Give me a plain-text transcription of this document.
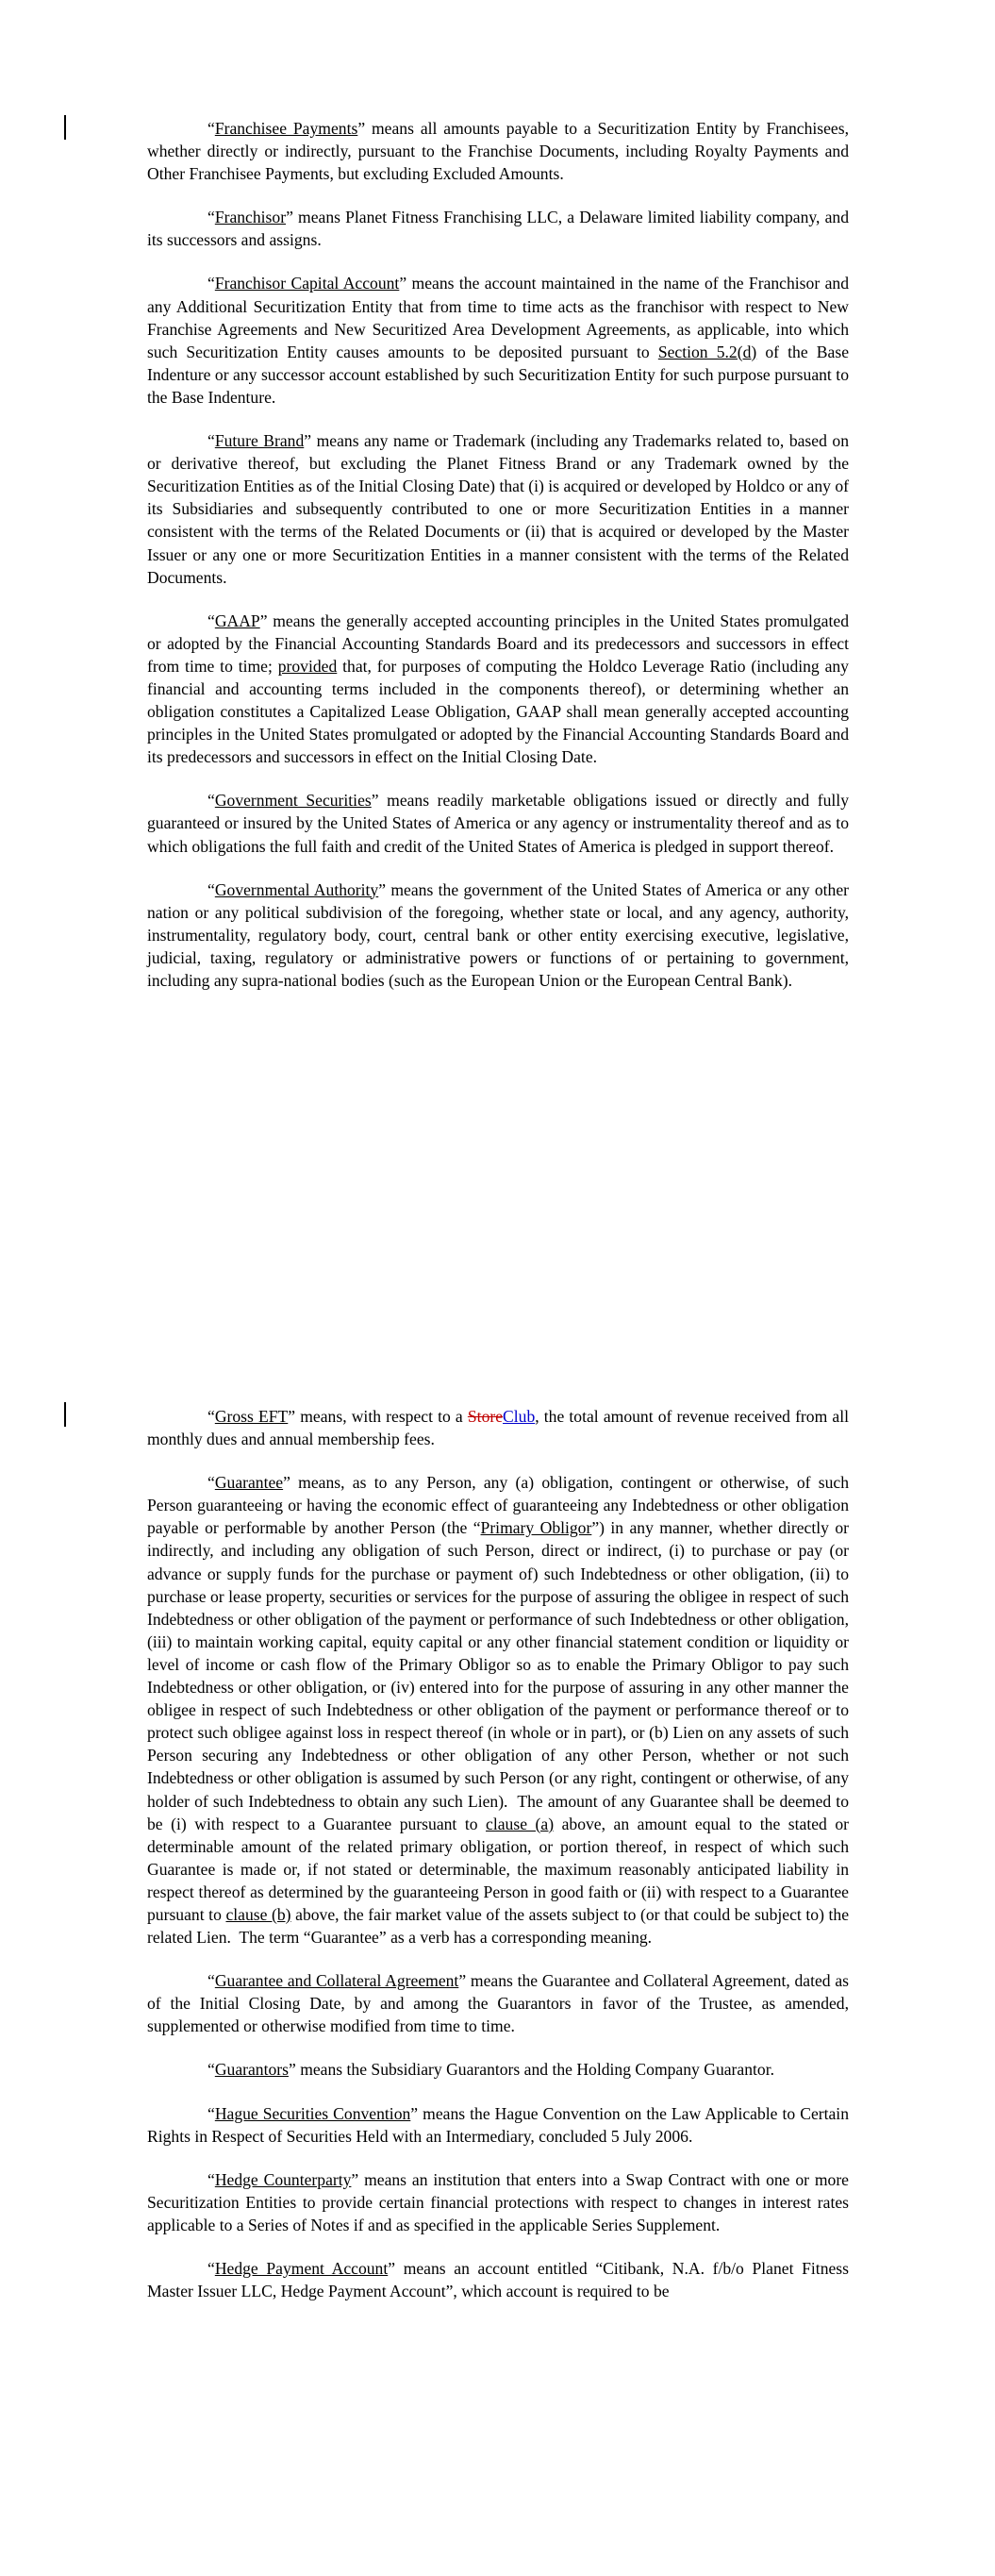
“Franchisee Payments” means all amounts payable to a Securitization Entity by Franchisees, whether directly or indirectly, pursuant to the Franchise Documents, including Royalty Payments and Other Franchisee Payments, but excluding Excluded Amounts.

“Franchisor” means Planet Fitness Franchising LLC, a Delaware limited liability company, and its successors and assigns.

“Franchisor Capital Account” means the account maintained in the name of the Franchisor and any Additional Securitization Entity that from time to time acts as the franchisor with respect to New Franchise Agreements and New Securitized Area Development Agreements, as applicable, into which such Securitization Entity causes amounts to be deposited pursuant to Section 5.2(d) of the Base Indenture or any successor account established by such Securitization Entity for such purpose pursuant to the Base Indenture.

“Future Brand” means any name or Trademark (including any Trademarks related to, based on or derivative thereof, but excluding the Planet Fitness Brand or any Trademark owned by the Securitization Entities as of the Initial Closing Date) that (i) is acquired or developed by Holdco or any of its Subsidiaries and subsequently contributed to one or more Securitization Entities in a manner consistent with the terms of the Related Documents or (ii) that is acquired or developed by the Master Issuer or any one or more Securitization Entities in a manner consistent with the terms of the Related Documents.

“GAAP” means the generally accepted accounting principles in the United States promulgated or adopted by the Financial Accounting Standards Board and its predecessors and successors in effect from time to time; provided that, for purposes of computing the Holdco Leverage Ratio (including any financial and accounting terms included in the components thereof), or determining whether an obligation constitutes a Capitalized Lease Obligation, GAAP shall mean generally accepted accounting principles in the United States promulgated or adopted by the Financial Accounting Standards Board and its predecessors and successors in effect on the Initial Closing Date.

“Government Securities” means readily marketable obligations issued or directly and fully guaranteed or insured by the United States of America or any agency or instrumentality thereof and as to which obligations the full faith and credit of the United States of America is pledged in support thereof.

“Governmental Authority” means the government of the United States of America or any other nation or any political subdivision of the foregoing, whether state or local, and any agency, authority, instrumentality, regulatory body, court, central bank or other entity exercising executive, legislative, judicial, taxing, regulatory or administrative powers or functions of or pertaining to government, including any supra-national bodies (such as the European Union or the European Central Bank).

“Gross EFT” means, with respect to a StoreClub, the total amount of revenue received from all monthly dues and annual membership fees.

“Guarantee” means, as to any Person, any (a) obligation, contingent or otherwise, of such Person guaranteeing or having the economic effect of guaranteeing any Indebtedness or other obligation payable or performable by another Person (the “Primary Obligor”) in any manner, whether directly or indirectly, and including any obligation of such Person, direct or indirect, (i) to purchase or pay (or advance or supply funds for the purchase or payment of) such Indebtedness or other obligation, (ii) to purchase or lease property, securities or services for the purpose of assuring the obligee in respect of such Indebtedness or other obligation of the payment or performance of such Indebtedness or other obligation, (iii) to maintain working capital, equity capital or any other financial statement condition or liquidity or level of income or cash flow of the Primary Obligor so as to enable the Primary Obligor to pay such Indebtedness or other obligation, or (iv) entered into for the purpose of assuring in any other manner the obligee in respect of such Indebtedness or other obligation of the payment or performance thereof or to protect such obligee against loss in respect thereof (in whole or in part), or (b) Lien on any assets of such Person securing any Indebtedness or other obligation of any other Person, whether or not such Indebtedness or other obligation is assumed by such Person (or any right, contingent or otherwise, of any holder of such Indebtedness to obtain any such Lien).  The amount of any Guarantee shall be deemed to be (i) with respect to a Guarantee pursuant to clause (a) above, an amount equal to the stated or determinable amount of the related primary obligation, or portion thereof, in respect of which such Guarantee is made or, if not stated or determinable, the maximum reasonably anticipated liability in respect thereof as determined by the guaranteeing Person in good faith or (ii) with respect to a Guarantee pursuant to clause (b) above, the fair market value of the assets subject to (or that could be subject to) the related Lien.  The term “Guarantee” as a verb has a corresponding meaning.

“Guarantee and Collateral Agreement” means the Guarantee and Collateral Agreement, dated as of the Initial Closing Date, by and among the Guarantors in favor of the Trustee, as amended, supplemented or otherwise modified from time to time.

“Guarantors” means the Subsidiary Guarantors and the Holding Company Guarantor.

“Hague Securities Convention” means the Hague Convention on the Law Applicable to Certain Rights in Respect of Securities Held with an Intermediary, concluded 5 July 2006.

“Hedge Counterparty” means an institution that enters into a Swap Contract with one or more Securitization Entities to provide certain financial protections with respect to changes in interest rates applicable to a Series of Notes if and as specified in the applicable Series Supplement.

“Hedge Payment Account” means an account entitled “Citibank, N.A. f/b/o Planet Fitness Master Issuer LLC, Hedge Payment Account”, which account is required to be
